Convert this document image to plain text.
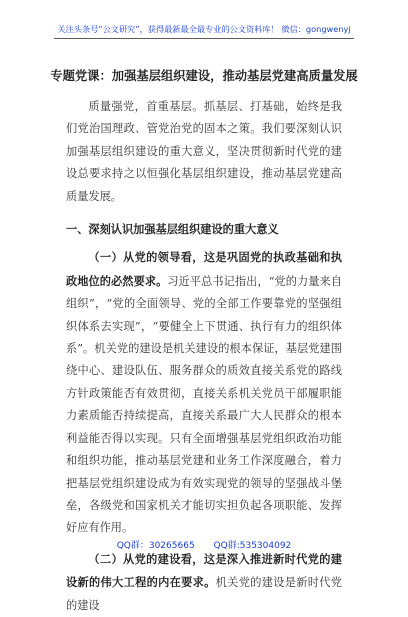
关注头条号“公文研究”，获得最新最全最专业的公文资料库！ 微信：gongwenyj
专题党课：加强基层组织建设，推动基层党建高质量发展

质量强党，首重基层。抓基层、打基础，始终是我们党治国理政、管党治党的固本之策。我们要深刻认识加强基层组织建设的重大意义，坚决贯彻新时代党的建设总要求持之以恒强化基层组织建设，推动基层党建高质量发展。

一、深刻认识加强基层组织建设的重大意义

（一）从党的领导看，这是巩固党的执政基础和执政地位的必然要求。习近平总书记指出，“党的力量来自组织”，“党的全面领导、党的全部工作要靠党的坚强组织体系去实现”，“要健全上下贯通、执行有力的组织体系”。机关党的建设是机关建设的根本保证，基层党建围绕中心、建设队伍、服务群众的质效直接关系党的路线方针政策能否有效贯彻，直接关系机关党员干部履职能力素质能否持续提高，直接关系最广大人民群众的根本利益能否得以实现。只有全面增强基层党组织政治功能和组织功能，推动基层党建和业务工作深度融合，着力把基层党组织建设成为有效实现党的领导的坚强战斗堡垒，各级党和国家机关才能切实担负起各项职能、发挥好应有作用。

（二）从党的建设看，这是深入推进新时代党的建设新的伟大工程的内在要求。机关党的建设是新时代党的建设

QQ群：30265665 QQ群:535304092
